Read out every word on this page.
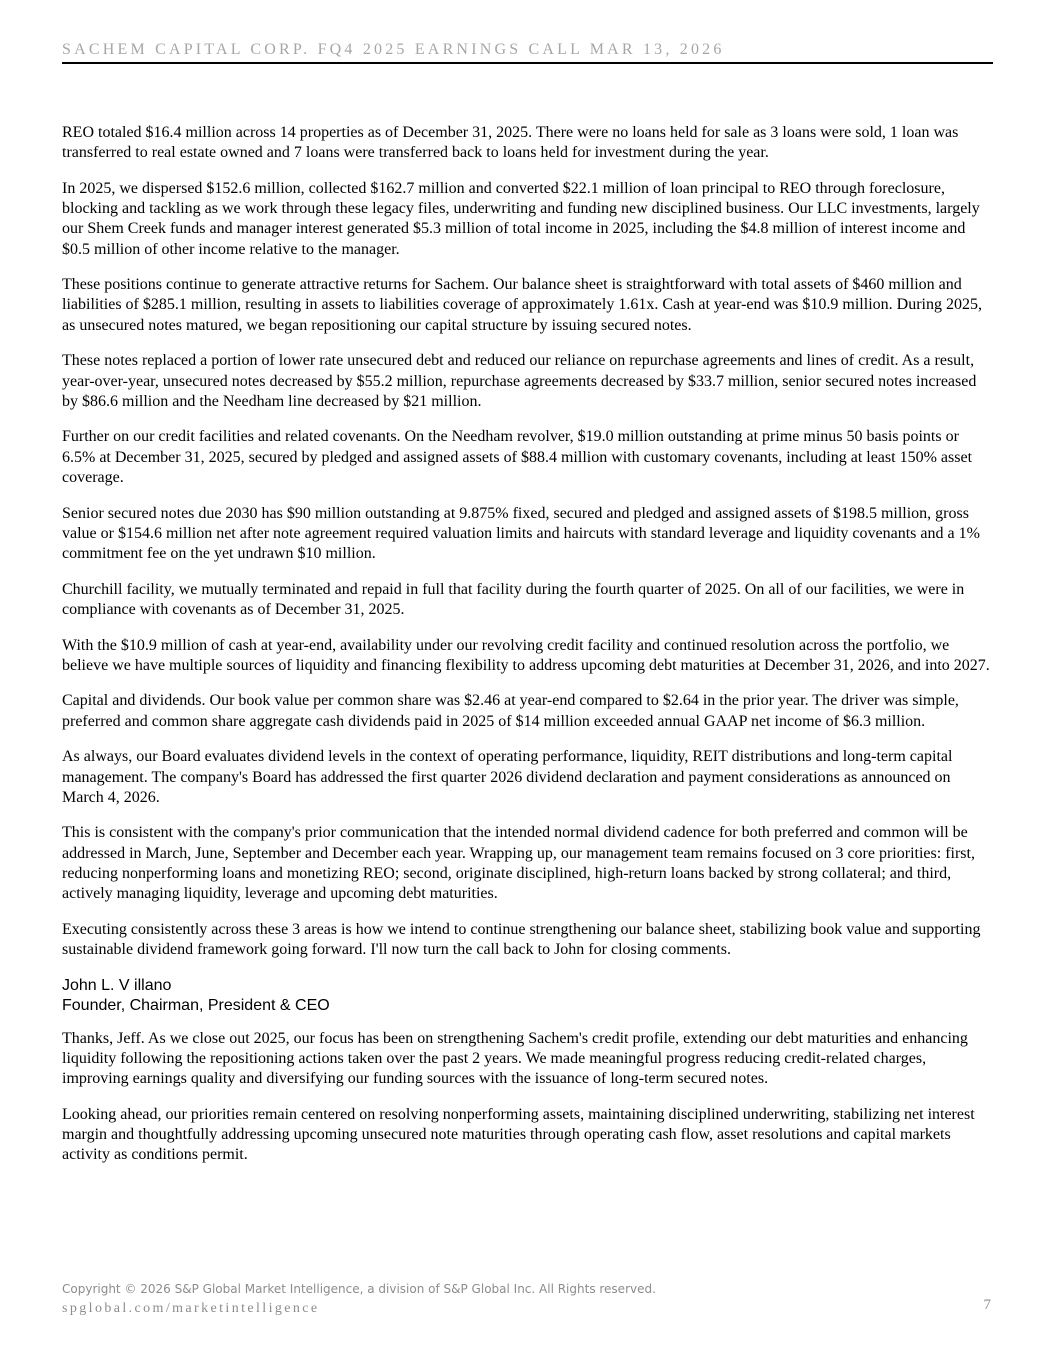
SACHEM CAPITAL CORP. FQ4 2025 EARNINGS CALL MAR 13, 2026

REO totaled $16.4 million across 14 properties as of December 31, 2025. There were no loans held for sale as 3 loans were sold, 1 loan was transferred to real estate owned and 7 loans were transferred back to loans held for investment during the year.

In 2025, we dispersed $152.6 million, collected $162.7 million and converted $22.1 million of loan principal to REO through foreclosure, blocking and tackling as we work through these legacy files, underwriting and funding new disciplined business. Our LLC investments, largely our Shem Creek funds and manager interest generated $5.3 million of total income in 2025, including the $4.8 million of interest income and $0.5 million of other income relative to the manager.

These positions continue to generate attractive returns for Sachem. Our balance sheet is straightforward with total assets of $460 million and liabilities of $285.1 million, resulting in assets to liabilities coverage of approximately 1.61x. Cash at year-end was $10.9 million. During 2025, as unsecured notes matured, we began repositioning our capital structure by issuing secured notes.

These notes replaced a portion of lower rate unsecured debt and reduced our reliance on repurchase agreements and lines of credit. As a result, year-over-year, unsecured notes decreased by $55.2 million, repurchase agreements decreased by $33.7 million, senior secured notes increased by $86.6 million and the Needham line decreased by $21 million.

Further on our credit facilities and related covenants. On the Needham revolver, $19.0 million outstanding at prime minus 50 basis points or 6.5% at December 31, 2025, secured by pledged and assigned assets of $88.4 million with customary covenants, including at least 150% asset coverage.

Senior secured notes due 2030 has $90 million outstanding at 9.875% fixed, secured and pledged and assigned assets of $198.5 million, gross value or $154.6 million net after note agreement required valuation limits and haircuts with standard leverage and liquidity covenants and a 1% commitment fee on the yet undrawn $10 million.

Churchill facility, we mutually terminated and repaid in full that facility during the fourth quarter of 2025. On all of our facilities, we were in compliance with covenants as of December 31, 2025.

With the $10.9 million of cash at year-end, availability under our revolving credit facility and continued resolution across the portfolio, we believe we have multiple sources of liquidity and financing flexibility to address upcoming debt maturities at December 31, 2026, and into 2027.

Capital and dividends. Our book value per common share was $2.46 at year-end compared to $2.64 in the prior year. The driver was simple, preferred and common share aggregate cash dividends paid in 2025 of $14 million exceeded annual GAAP net income of $6.3 million.

As always, our Board evaluates dividend levels in the context of operating performance, liquidity, REIT distributions and long-term capital management. The company's Board has addressed the first quarter 2026 dividend declaration and payment considerations as announced on March 4, 2026.

This is consistent with the company's prior communication that the intended normal dividend cadence for both preferred and common will be addressed in March, June, September and December each year. Wrapping up, our management team remains focused on 3 core priorities: first, reducing nonperforming loans and monetizing REO; second, originate disciplined, high-return loans backed by strong collateral; and third, actively managing liquidity, leverage and upcoming debt maturities.

Executing consistently across these 3 areas is how we intend to continue strengthening our balance sheet, stabilizing book value and supporting sustainable dividend framework going forward. I'll now turn the call back to John for closing comments.

John L. V illano
Founder, Chairman, President & CEO

Thanks, Jeff. As we close out 2025, our focus has been on strengthening Sachem's credit profile, extending our debt maturities and enhancing liquidity following the repositioning actions taken over the past 2 years. We made meaningful progress reducing credit-related charges, improving earnings quality and diversifying our funding sources with the issuance of long-term secured notes.

Looking ahead, our priorities remain centered on resolving nonperforming assets, maintaining disciplined underwriting, stabilizing net interest margin and thoughtfully addressing upcoming unsecured note maturities through operating cash flow, asset resolutions and capital markets activity as conditions permit.

Copyright © 2026 S&P Global Market Intelligence, a division of S&P Global Inc. All Rights reserved.
spglobal.com/marketintelligence	7
